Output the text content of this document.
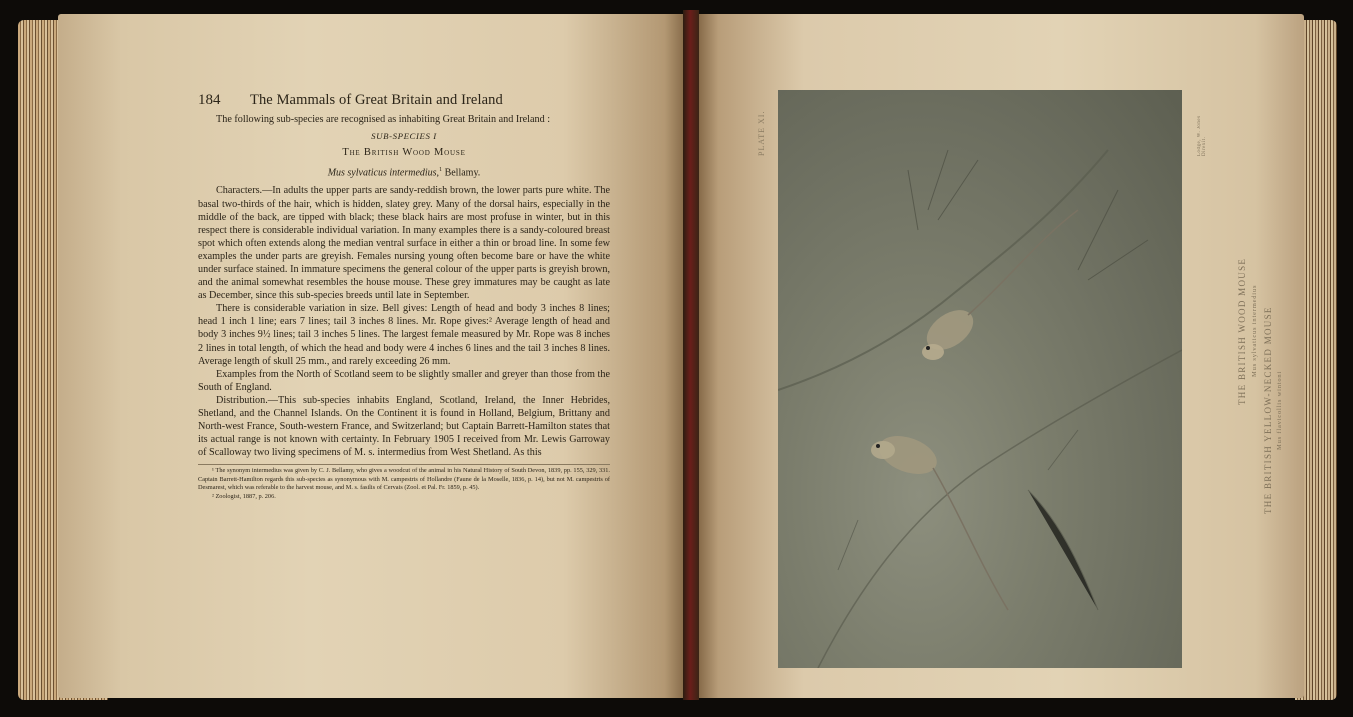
184	The Mammals of Great Britain and Ireland

The following sub-species are recognised as inhabiting Great Britain and Ireland :

SUB-SPECIES I
The British Wood Mouse
Mus sylvaticus intermedius,$^1$ Bellamy.

Characters.—In adults the upper parts are sandy-reddish brown, the lower parts pure white. The basal two-thirds of the hair, which is hidden, slatey grey. Many of the dorsal hairs, especially in the middle of the back, are tipped with black; these black hairs are most profuse in winter, but in this respect there is considerable individual variation. In many examples there is a sandy-coloured breast spot which often extends along the median ventral surface in either a thin or broad line. In some few examples the under parts are greyish. Females nursing young often become bare or have the white under surface stained. In immature specimens the general colour of the upper parts is greyish brown, and the animal somewhat resembles the house mouse. These grey immatures may be caught as late as December, since this sub-species breeds until late in September.

There is considerable variation in size. Bell gives: Length of head and body 3 inches 8 lines; head 1 inch 1 line; ears 7 lines; tail 3 inches 8 lines. Mr. Rope gives:² Average length of head and body 3 inches 9½ lines; tail 3 inches 5 lines. The largest female measured by Mr. Rope was 8 inches 2 lines in total length, of which the head and body were 4 inches 6 lines and the tail 3 inches 8 lines. Average length of skull 25 mm., and rarely exceeding 26 mm.

Examples from the North of Scotland seem to be slightly smaller and greyer than those from the South of England.

Distribution.—This sub-species inhabits England, Scotland, Ireland, the Inner Hebrides, Shetland, and the Channel Islands. On the Continent it is found in Holland, Belgium, Brittany and North-west France, South-western France, and Switzerland; but Captain Barrett-Hamilton states that its actual range is not known with certainty. In February 1905 I received from Mr. Lewis Garroway of Scalloway two living specimens of M. s. intermedius from West Shetland. As this

¹ The synonym intermedius was given by C. J. Bellamy, who gives a woodcut of the animal in his Natural History of South Devon, 1839, pp. 155, 329, 331. Captain Barrett-Hamilton regards this sub-species as synonymous with M. campestris of Hollandre (Faune de la Moselle, 1836, p. 14), but not M. campestris of Desmarest, which was referable to the harvest mouse, and M. s. fasilis of Cervais (Zool. et Pal. Fr. 1859, p. 45).
² Zoologist, 1887, p. 206.
PLATE XI.	Lodge, W. Jones Direxit.
THE BRITISH WOOD MOUSE Mus sylvaticus intermedius THE BRITISH YELLOW-NECKED MOUSE Mus flavicollis wintoni
